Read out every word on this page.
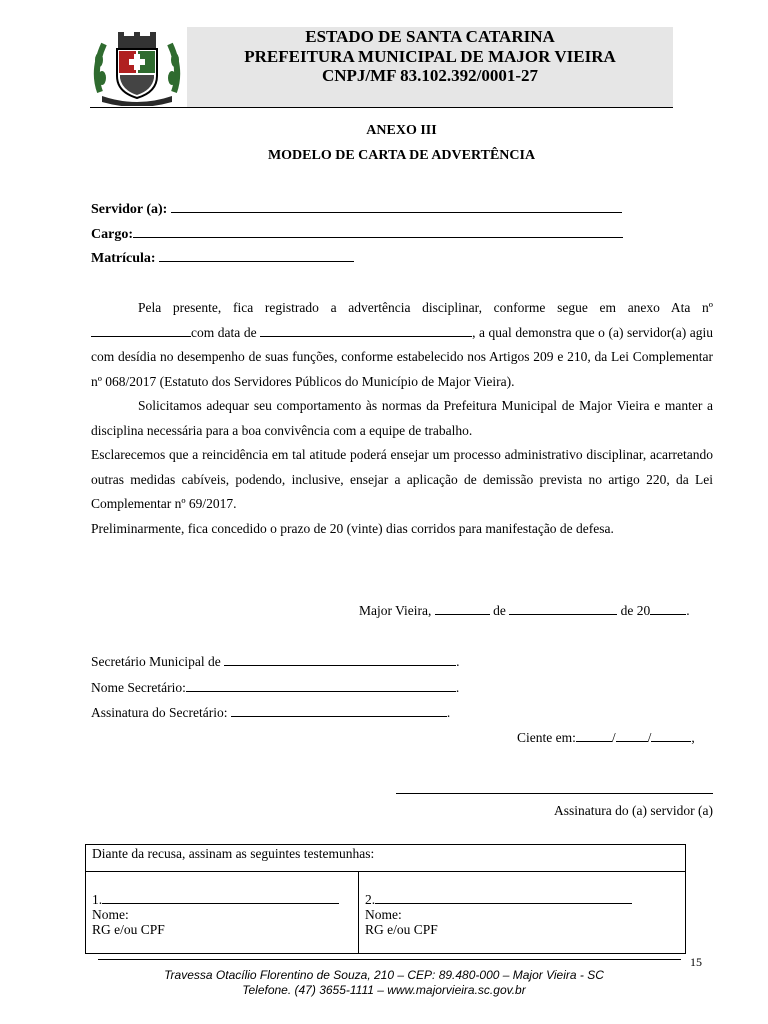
ESTADO DE SANTA CATARINA
PREFEITURA MUNICIPAL DE MAJOR VIEIRA
CNPJ/MF 83.102.392/0001-27
ANEXO III
MODELO DE CARTA DE ADVERTÊNCIA
Servidor (a):
Cargo:
Matrícula:

Pela presente, fica registrado a advertência disciplinar, conforme segue em anexo Ata nº com data de	, a qual demonstra que o (a) servidor(a) agiu com desídia no desempenho de suas funções, conforme estabelecido nos Artigos 209 e 210, da Lei Complementar nº 068/2017 (Estatuto dos Servidores Públicos do Município de Major Vieira).

Solicitamos adequar seu comportamento às normas da Prefeitura Municipal de Major Vieira e manter a disciplina necessária para a boa convivência com a equipe de trabalho.

Esclarecemos que a reincidência em tal atitude poderá ensejar um processo administrativo disciplinar, acarretando outras medidas cabíveis, podendo, inclusive, ensejar a aplicação de demissão prevista no artigo 220, da Lei Complementar nº 69/2017.

Preliminarmente, fica concedido o prazo de 20 (vinte) dias corridos para manifestação de defesa.

Major Vieira,	de	de 20	.
Secretário Municipal de	.
Nome Secretário:	.
Assinatura do Secretário:	.
Ciente em:	/ /	,
Assinatura do (a) servidor (a)
Diante da recusa, assinam as seguintes testemunhas:

1.
Nome:
RG e/ou CPF

2.
Nome:
RG e/ou CPF
15
Travessa Otacílio Florentino de Souza, 210 – CEP: 89.480-000 – Major Vieira - SC
Telefone. (47) 3655-1111 – www.majorvieira.sc.gov.br
